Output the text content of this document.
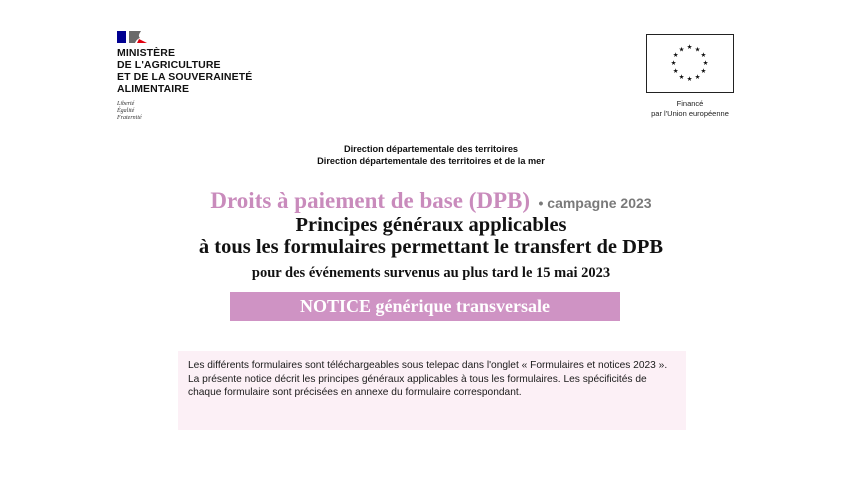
MINISTÈRE
DE L'AGRICULTURE
ET DE LA SOUVERAINETÉ
ALIMENTAIRE
Liberté
Égalité
Fraternité
★ ★
★
★
★
★
★
★
★
★
★
★
Financé
par l'Union européenne
Direction départementale des territoires
Direction départementale des territoires et de la mer
Droits à paiement de base (DPB) • campagne 2023
Principes généraux applicables
à tous les formulaires permettant le transfert de DPB
pour des événements survenus au plus tard le 15 mai 2023
NOTICE générique transversale

Les différents formulaires sont téléchargeables sous telepac dans l'onglet « Formulaires et notices 2023 ».

La présente notice décrit les principes généraux applicables à tous les formulaires. Les spécificités de chaque formulaire sont précisées en annexe du formulaire correspondant.
